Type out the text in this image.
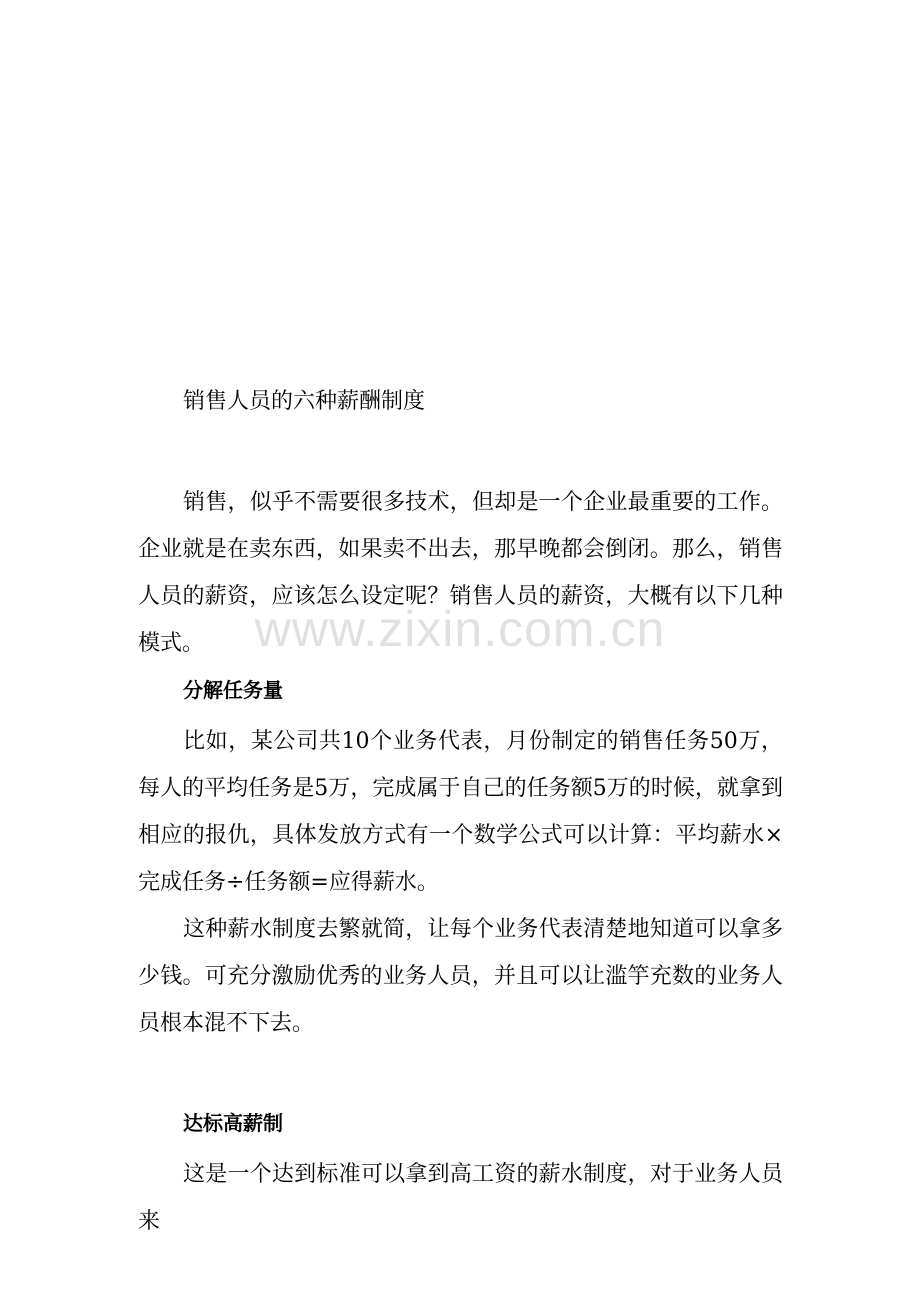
销售人员的六种薪酬制度

销售，似乎不需要很多技术，但却是一个企业最重要的工作。企业就是在卖东西，如果卖不出去，那早晚都会倒闭。那么，销售人员的薪资，应该怎么设定呢？销售人员的薪资，大概有以下几种模式。	www.zixin.com.cn
分解任务量

比如，某公司共10个业务代表，月份制定的销售任务50万，每人的平均任务是5万，完成属于自己的任务额5万的时候，就拿到相应的报仇，具体发放方式有一个数学公式可以计算：平均薪水×完成任务÷任务额=应得薪水。

这种薪水制度去繁就简，让每个业务代表清楚地知道可以拿多少钱。可充分激励优秀的业务人员，并且可以让滥竽充数的业务人员根本混不下去。

达标高薪制

这是一个达到标准可以拿到高工资的薪水制度，对于业务人员来
